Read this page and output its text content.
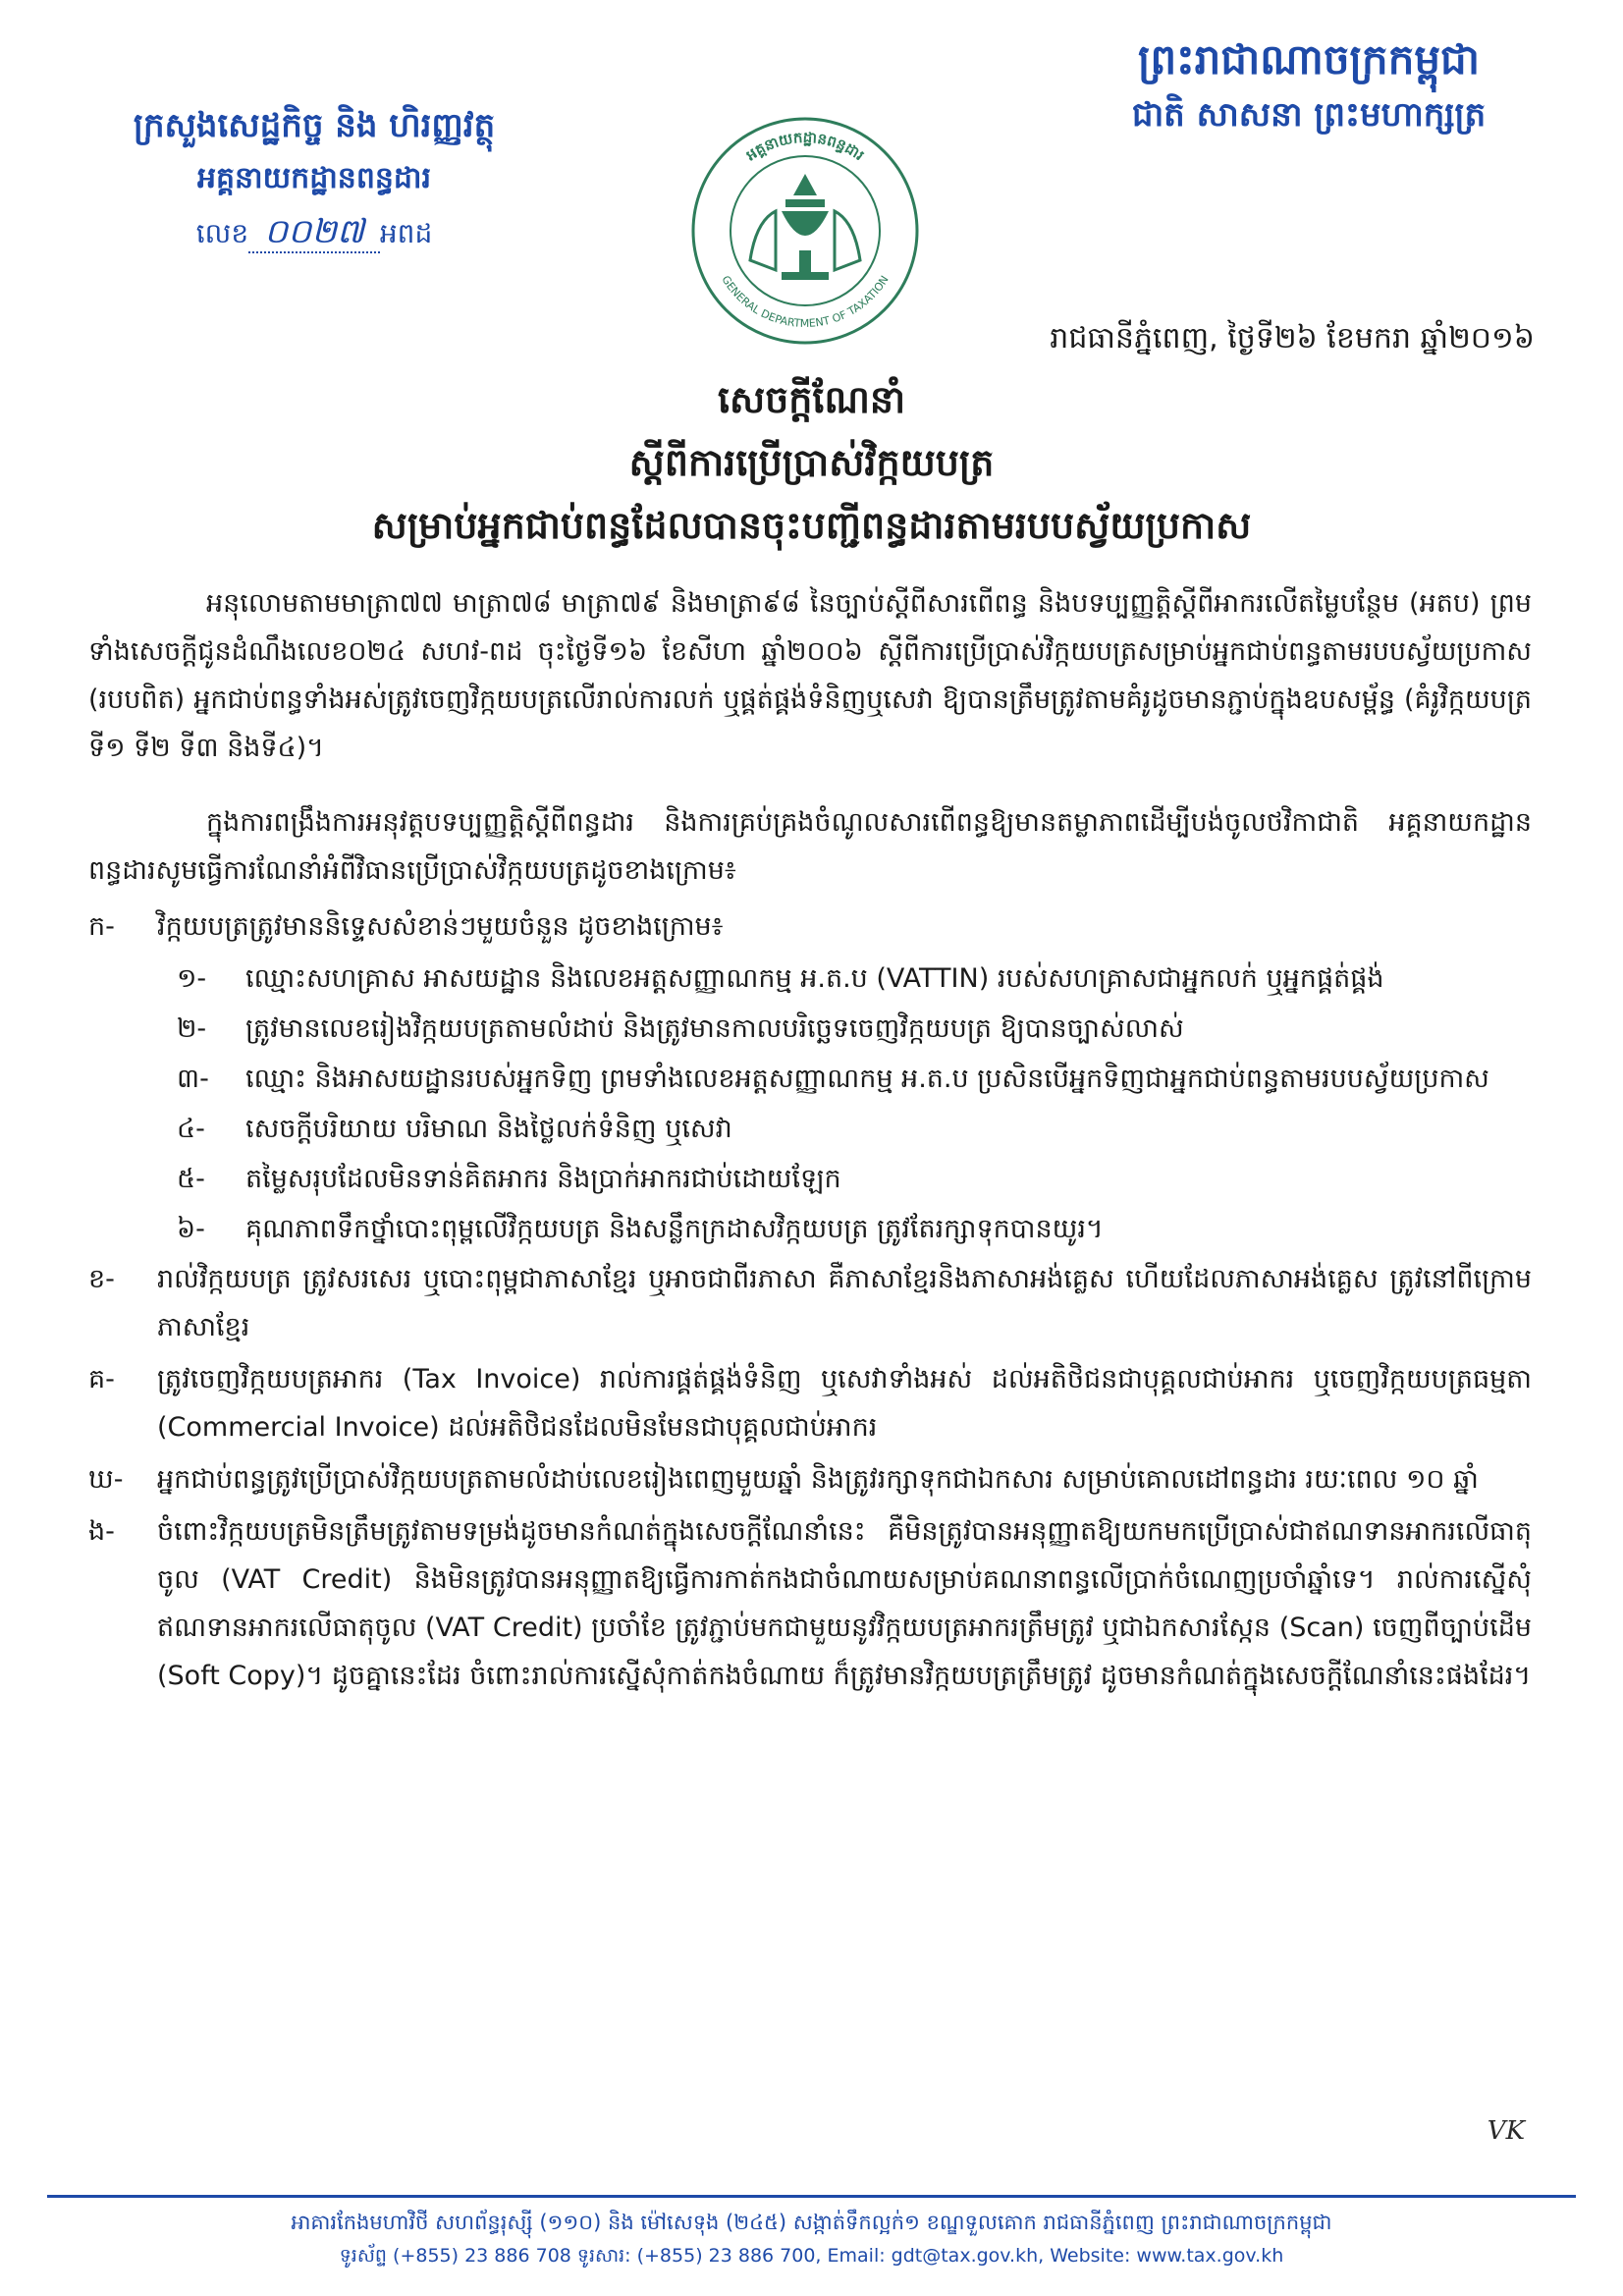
ព្រះរាជាណាចក្រកម្ពុជា
ជាតិ សាសនា ព្រះមហាក្សត្រ
ក្រសួងសេដ្ឋកិច្ច និង ហិរញ្ញវត្ថុ
អគ្គនាយកដ្ឋានពន្ធដារ
លេខ ០០២៧ អពដ
អគ្គនាយកដ្ឋានពន្ធដារ
GENERAL DEPARTMENT OF TAXATION
រាជធានីភ្នំពេញ, ថ្ងៃទី២៦ ខែមករា ឆ្នាំ២០១៦
សេចក្តីណែនាំ
ស្តីពីការប្រើប្រាស់វិក្កយបត្រ
សម្រាប់អ្នកជាប់ពន្ធដែលបានចុះបញ្ជីពន្ធដារតាមរបបស្វ័យប្រកាស

អនុលោមតាមមាត្រា៧៧ មាត្រា៧៨ មាត្រា៧៩ និងមាត្រា៩៨ នៃច្បាប់ស្តីពីសារពើពន្ធ និងបទប្បញ្ញត្តិស្តីពីអាករលើតម្លៃបន្ថែម (អតប) ព្រមទាំងសេចក្តីជូនដំណឹងលេខ០២៤ សហវ-ពដ ចុះថ្ងៃទី១៦ ខែសីហា ឆ្នាំ២០០៦ ស្តីពីការប្រើប្រាស់វិក្កយបត្រសម្រាប់អ្នកជាប់ពន្ធតាមរបបស្វ័យប្រកាស (របបពិត) អ្នកជាប់ពន្ធទាំងអស់ត្រូវចេញវិក្កយបត្រលើរាល់ការលក់ ឬផ្គត់ផ្គង់ទំនិញឬសេវា ឱ្យបានត្រឹមត្រូវតាមគំរូដូចមានភ្ជាប់ក្នុងឧបសម្ព័ន្ធ (គំរូវិក្កយបត្រទី១ ទី២ ទី៣ និងទី៤)។

ក្នុងការពង្រឹងការអនុវត្តបទប្បញ្ញត្តិស្តីពីពន្ធដារ និងការគ្រប់គ្រងចំណូលសារពើពន្ធឱ្យមានតម្លាភាពដើម្បីបង់ចូលថវិកាជាតិ អគ្គនាយកដ្ឋានពន្ធដារសូមធ្វើការណែនាំអំពីវិធានប្រើប្រាស់វិក្កយបត្រដូចខាងក្រោម៖

ក-	វិក្កយបត្រត្រូវមាននិទ្ទេសសំខាន់ៗមួយចំនួន ដូចខាងក្រោម៖
១-	ឈ្មោះសហគ្រាស អាសយដ្ឋាន និងលេខអត្តសញ្ញាណកម្ម អ.ត.ប (VATTIN) របស់សហគ្រាសជាអ្នកលក់ ឬអ្នកផ្គត់ផ្គង់
២-	ត្រូវមានលេខរៀងវិក្កយបត្រតាមលំដាប់ និងត្រូវមានកាលបរិច្ឆេទចេញវិក្កយបត្រ ឱ្យបានច្បាស់លាស់
៣-	ឈ្មោះ និងអាសយដ្ឋានរបស់អ្នកទិញ ព្រមទាំងលេខអត្តសញ្ញាណកម្ម អ.ត.ប ប្រសិនបើអ្នកទិញជាអ្នកជាប់ពន្ធតាមរបបស្វ័យប្រកាស
៤-	សេចក្តីបរិយាយ បរិមាណ និងថ្លៃលក់ទំនិញ ឬសេវា
៥-	តម្លៃសរុបដែលមិនទាន់គិតអាករ និងប្រាក់អាករជាប់ដោយឡែក
៦-	គុណភាពទឹកថ្នាំបោះពុម្ពលើវិក្កយបត្រ និងសន្លឹកក្រដាសវិក្កយបត្រ ត្រូវតែរក្សាទុកបានយូរ។
ខ-	រាល់វិក្កយបត្រ ត្រូវសរសេរ ឬបោះពុម្ពជាភាសាខ្មែរ ឬអាចជាពីរភាសា គឺភាសាខ្មែរនិងភាសាអង់គ្លេស ហើយដែលភាសាអង់គ្លេស ត្រូវនៅពីក្រោមភាសាខ្មែរ
គ-	ត្រូវចេញវិក្កយបត្រអាករ (Tax Invoice) រាល់ការផ្គត់ផ្គង់ទំនិញ ឬសេវាទាំងអស់ ដល់អតិថិជនជាបុគ្គលជាប់អាករ ឬចេញវិក្កយបត្រធម្មតា (Commercial Invoice) ដល់អតិថិជនដែលមិនមែនជាបុគ្គលជាប់អាករ
ឃ-	អ្នកជាប់ពន្ធត្រូវប្រើប្រាស់វិក្កយបត្រតាមលំដាប់លេខរៀងពេញមួយឆ្នាំ និងត្រូវរក្សាទុកជាឯកសារ សម្រាប់គោលដៅពន្ធដារ រយៈពេល ១០ ឆ្នាំ
ង-	ចំពោះវិក្កយបត្រមិនត្រឹមត្រូវតាមទម្រង់ដូចមានកំណត់ក្នុងសេចក្តីណែនាំនេះ គឺមិនត្រូវបានអនុញ្ញាតឱ្យយកមកប្រើប្រាស់ជាឥណទានអាករលើធាតុចូល (VAT Credit) និងមិនត្រូវបានអនុញ្ញាតឱ្យធ្វើការកាត់កងជាចំណាយសម្រាប់គណនាពន្ធលើប្រាក់ចំណេញប្រចាំឆ្នាំទេ។ រាល់ការស្នើសុំឥណទានអាករលើធាតុចូល (VAT Credit) ប្រចាំខែ ត្រូវភ្ជាប់មកជាមួយនូវវិក្កយបត្រអាករត្រឹមត្រូវ ឬជាឯកសារស្កែន (Scan) ចេញពីច្បាប់ដើម (Soft Copy)។ ដូចគ្នានេះដែរ ចំពោះរាល់ការស្នើសុំកាត់កងចំណាយ ក៏ត្រូវមានវិក្កយបត្រត្រឹមត្រូវ ដូចមានកំណត់ក្នុងសេចក្តីណែនាំនេះផងដែរ។
VK
អាគារកែងមហាវិថី សហព័ន្ធរុស្ស៊ី (១១០) និង ម៉ៅសេទុង (២៤៥) សង្កាត់ទឹកល្អក់១ ខណ្ឌទួលគោក រាជធានីភ្នំពេញ ព្រះរាជាណាចក្រកម្ពុជា
ទូរស័ព្ទ (+855) 23 886 708 ទូរសារ: (+855) 23 886 700, Email: gdt@tax.gov.kh, Website: www.tax.gov.kh
